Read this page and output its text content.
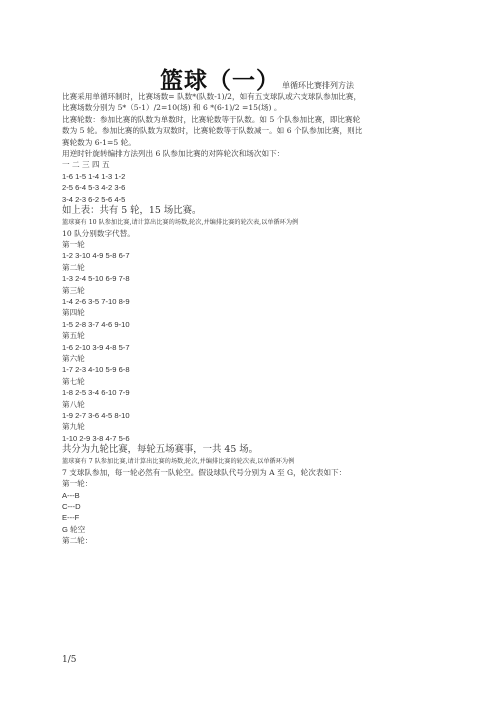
篮球（一） 单循环比赛排列方法
比赛采用单循环制时，比赛场数= 队数*(队数-1)/2，如有五支球队或六支球队参加比赛，
比赛场数分别为 5*（5-1）/2=10(场) 和 6 *(6-1)/2 =15(场) 。
比赛轮数：参加比赛的队数为单数时，比赛轮数等于队数。如 5 个队参加比赛，即比赛轮
数为 5 轮。参加比赛的队数为双数时，比赛轮数等于队数减一。如 6 个队参加比赛，则比
赛轮数为 6-1=5 轮。
用逆时针旋转编排方法列出 6 队参加比赛的对阵轮次和场次如下：
一 二 三 四 五
1-6 1-5 1-4 1-3 1-2
2-5 6-4 5-3 4-2 3-6
3-4 2-3 6-2 5-6 4-5
如上表：共有 5 轮，15 场比赛。
篮球赛有 10 队参加比赛,请计算出比赛的场数,轮次,并编排比赛的轮次表,以单循环为例
10 队分别数字代替。
第一轮
1-2 3-10 4-9 5-8 6-7
第二轮
1-3 2-4 5-10 6-9 7-8
第三轮
1-4 2-6 3-5 7-10 8-9
第四轮
1-5 2-8 3-7 4-6 9-10
第五轮
1-6 2-10 3-9 4-8 5-7
第六轮
1-7 2-3 4-10 5-9 6-8
第七轮
1-8 2-5 3-4 6-10 7-9
第八轮
1-9 2-7 3-6 4-5 8-10
第九轮
1-10 2-9 3-8 4-7 5-6
共分为九轮比赛，每轮五场赛事，一共 45 场。
篮球赛有 7 队参加比赛,请计算出比赛的场数,轮次,并编排比赛的轮次表,以单循环为例
7 支球队参加，每一轮必然有一队轮空。假设球队代号分别为 A 至 G，轮次表如下：
第一轮：
A---B
C---D
E---F
G 轮空
第二轮：
1/5
